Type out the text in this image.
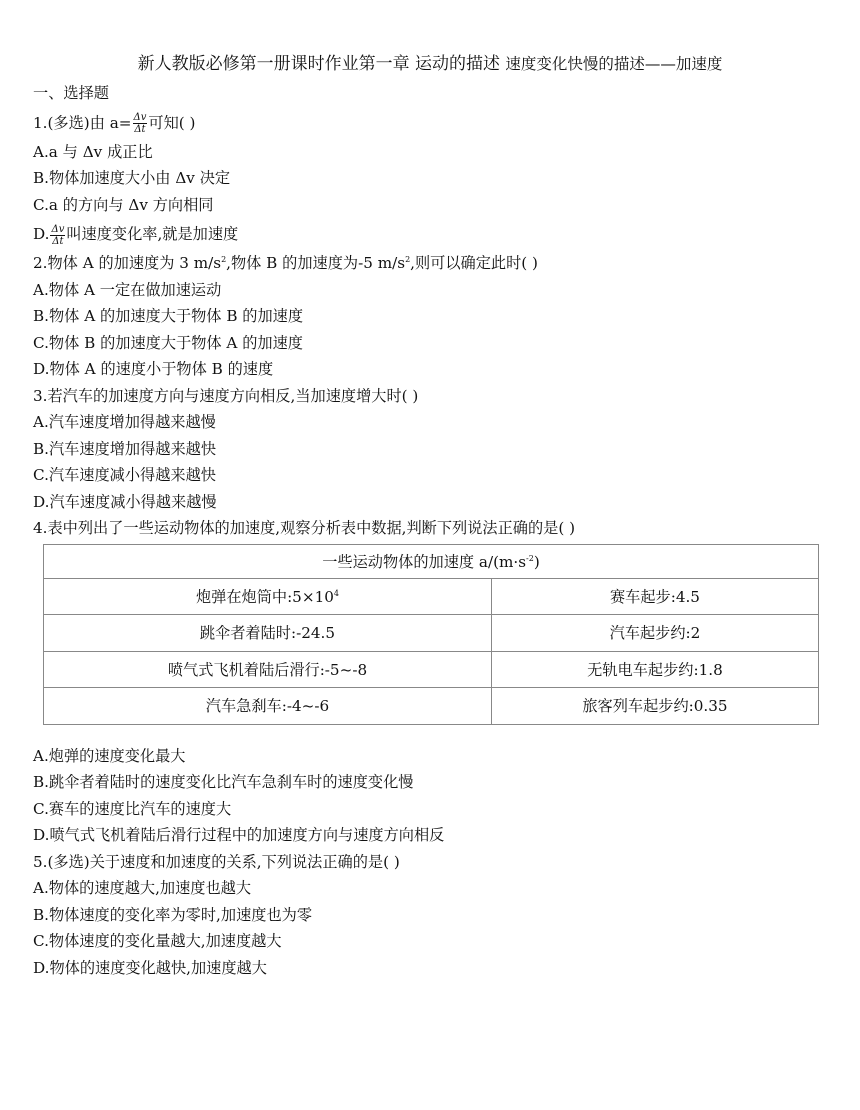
新人教版必修第一册课时作业第一章 运动的描述 速度变化快慢的描述——加速度
一、选择题
1.(多选)由 $a= \frac{\Delta v}{\Delta t}$ 可知( )
A.a 与 Δv 成正比
B.物体加速度大小由 Δv 决定
C.a 的方向与 Δv 方向相同
D. $\frac{\Delta v}{\Delta t}$ 叫速度变化率,就是加速度
2.物体 A 的加速度为 3 $m/s^2$,物体 B 的加速度为-5 $m/s^2$,则可以确定此时( )
A.物体 A 一定在做加速运动
B.物体 A 的加速度大于物体 B 的加速度
C.物体 B 的加速度大于物体 A 的加速度
D.物体 A 的速度小于物体 B 的速度
3.若汽车的加速度方向与速度方向相反,当加速度增大时( )
A.汽车速度增加得越来越慢
B.汽车速度增加得越来越快
C.汽车速度减小得越来越快
D.汽车速度减小得越来越慢
4.表中列出了一些运动物体的加速度,观察分析表中数据,判断下列说法正确的是( )
一些运动物体的加速度 $a/(m\cdot s^{-2})$	
炮弹在炮筒中$:5\times 10^4$	赛车起步:4.5
跳伞者着陆时:-24.5	汽车起步约:2
喷气式飞机着陆后滑行:-5~-8	无轨电车起步约:1.8
汽车急刹车:-4~-6	旅客列车起步约:0.35
A.炮弹的速度变化最大
B.跳伞者着陆时的速度变化比汽车急刹车时的速度变化慢
C.赛车的速度比汽车的速度大
D.喷气式飞机着陆后滑行过程中的加速度方向与速度方向相反
5.(多选)关于速度和加速度的关系,下列说法正确的是( )
A.物体的速度越大,加速度也越大
B.物体速度的变化率为零时,加速度也为零
C.物体速度的变化量越大,加速度越大
D.物体的速度变化越快,加速度越大
